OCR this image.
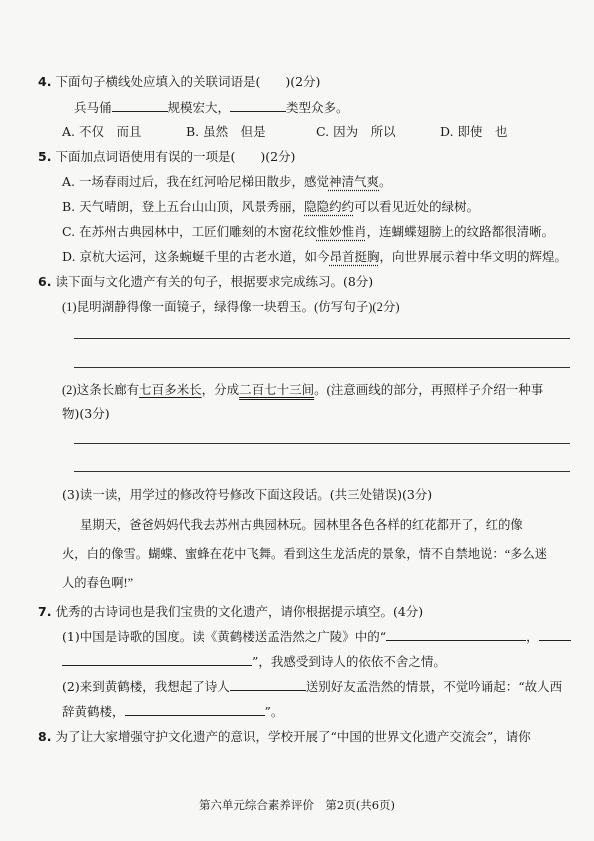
4. 下面句子横线处应填入的关联词语是(　　)(2分)
兵马俑	规模宏大，	类型众多。
A. 不仅　而且	B. 虽然　但是	C. 因为　所以	D. 即使　也
5. 下面加点词语使用有误的一项是(　　)(2分)
A. 一场春雨过后，我在红河哈尼梯田散步，感觉神清气爽。
B. 天气晴朗，登上五台山山顶，风景秀丽，隐隐约约可以看见近处的绿树。
C. 在苏州古典园林中，工匠们雕刻的木窗花纹惟妙惟肖，连蝴蝶翅膀上的纹路都很清晰。
D. 京杭大运河，这条蜿蜒千里的古老水道，如今昂首挺胸，向世界展示着中华文明的辉煌。
6. 读下面与文化遗产有关的句子，根据要求完成练习。(8分)
(1)昆明湖静得像一面镜子，绿得像一块碧玉。(仿写句子)(2分)
(2)这条长廊有七百多米长，分成二百七十三间。(注意画线的部分，再照样子介绍一种事
物)(3分)
(3)读一读，用学过的修改符号修改下面这段话。(共三处错误)(3分)
星期天，爸爸妈妈代我去苏州古典园林玩。园林里各色各样的红花都开了，红的像
火，白的像雪。蝴蝶、蜜蜂在花中飞舞。看到这生龙活虎的景象，情不自禁地说：“多么迷
人的春色啊!”
7. 优秀的古诗词也是我们宝贵的文化遗产，请你根据提示填空。(4分)
(1)中国是诗歌的国度。读《黄鹤楼送孟浩然之广陵》中的“	，
”，我感受到诗人的依依不舍之情。
(2)来到黄鹤楼，我想起了诗人	送别好友孟浩然的情景，不觉吟诵起：“故人西
辞黄鹤楼，	”。
8. 为了让大家增强守护文化遗产的意识，学校开展了“中国的世界文化遗产交流会”，请你
第六单元综合素养评价　第2页(共6页)
